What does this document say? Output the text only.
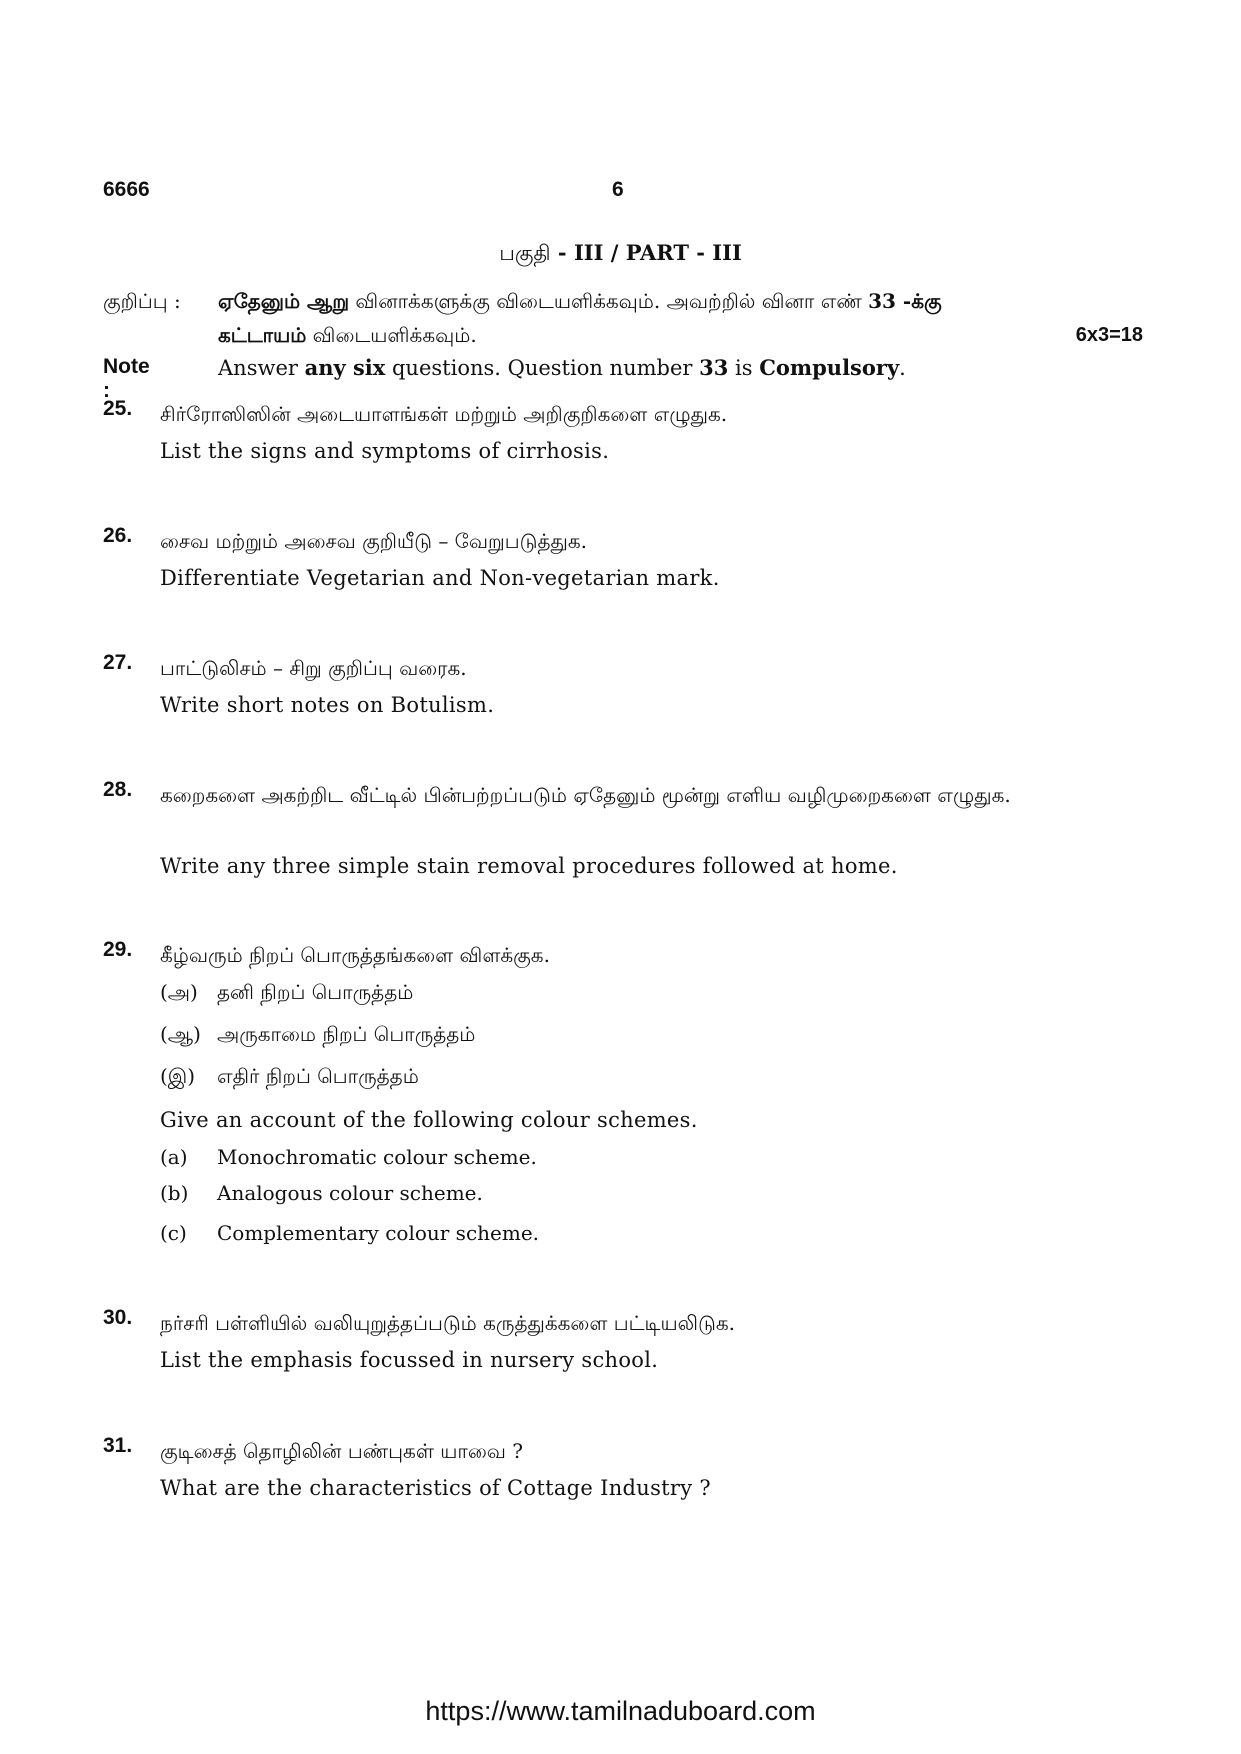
6666	6
பகுதி - III / PART - III
குறிப்பு : ஏதேனும் ஆறு வினாக்களுக்கு விடையளிக்கவும். அவற்றில் வினா எண் 33 -க்கு
கட்டாயம் விடையளிக்கவும்.	6x3=18
Note :
Answer any six questions. Question number 33 is Compulsory.
25. சிர்ரோஸிஸின் அடையாளங்கள் மற்றும் அறிகுறிகளை எழுதுக.
List the signs and symptoms of cirrhosis.
26. சைவ மற்றும் அசைவ குறியீடு – வேறுபடுத்துக.
Differentiate Vegetarian and Non-vegetarian mark.
27. பாட்டுலிசம் – சிறு குறிப்பு வரைக.
Write short notes on Botulism.
28. கறைகளை அகற்றிட வீட்டில் பின்பற்றப்படும் ஏதேனும் மூன்று எளிய வழிமுறைகளை எழுதுக.
Write any three simple stain removal procedures followed at home.
29. கீழ்வரும் நிறப் பொருத்தங்களை விளக்குக.
(அ) தனி நிறப் பொருத்தம்
(ஆ) அருகாமை நிறப் பொருத்தம்
(இ) எதிர் நிறப் பொருத்தம்
Give an account of the following colour schemes.
(a) Monochromatic colour scheme.
(b) Analogous colour scheme.
(c) Complementary colour scheme.
30. நர்சரி பள்ளியில் வலியுறுத்தப்படும் கருத்துக்களை பட்டியலிடுக.
List the emphasis focussed in nursery school.
31. குடிசைத் தொழிலின் பண்புகள் யாவை ?
What are the characteristics of Cottage Industry ?
https://www.tamilnaduboard.com
